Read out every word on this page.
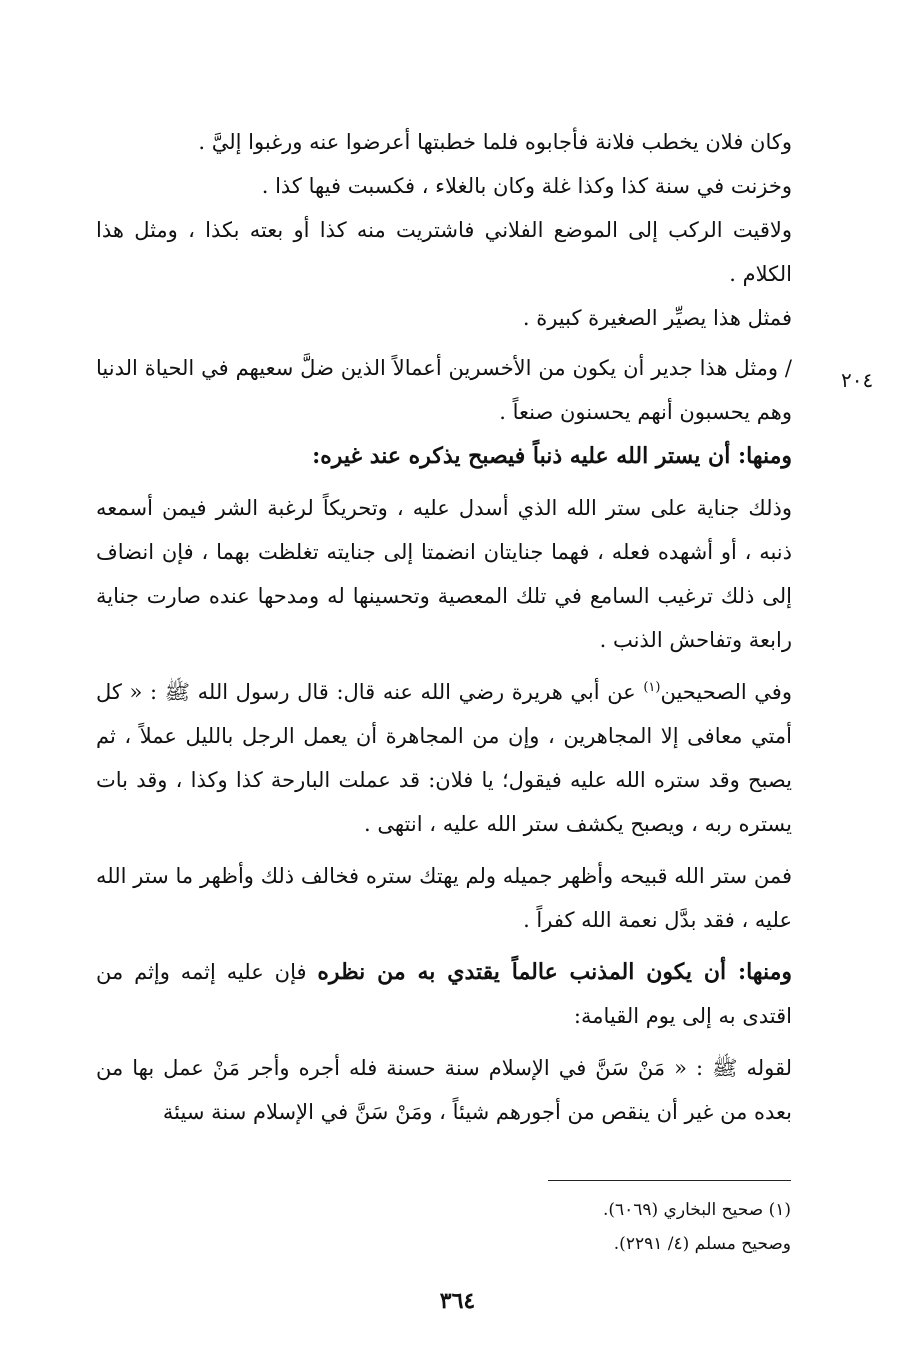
وكان فلان يخطب فلانة فأجابوه فلما خطبتها أعرضوا عنه ورغبوا إليَّ .

وخزنت في سنة كذا وكذا غلة وكان بالغلاء ، فكسبت فيها كذا .

ولاقيت الركب إلى الموضع الفلاني فاشتريت منه كذا أو بعته بكذا ، ومثل هذا الكلام .

فمثل هذا يصيِّر الصغيرة كبيرة .

/ ومثل هذا جدير أن يكون من الأخسرين أعمالاً الذين ضلَّ سعيهم في الحياة الدنيا وهم يحسبون أنهم يحسنون صنعاً .

ومنها: أن يستر الله عليه ذنباً فيصبح يذكره عند غيره:

وذلك جناية على ستر الله الذي أسدل عليه ، وتحريكاً لرغبة الشر فيمن أسمعه ذنبه ، أو أشهده فعله ، فهما جنايتان انضمتا إلى جنايته تغلظت بهما ، فإن انضاف إلى ذلك ترغيب السامع في تلك المعصية وتحسينها له ومدحها عنده صارت جناية رابعة وتفاحش الذنب .

وفي الصحيحين$^{(١)}$ عن أبي هريرة رضي الله عنه قال: قال رسول الله ﷺ : « كل أمتي معافى إلا المجاهرين ، وإن من المجاهرة أن يعمل الرجل بالليل عملاً ، ثم يصبح وقد ستره الله عليه فيقول؛ يا فلان: قد عملت البارحة كذا وكذا ، وقد بات يستره ربه ، ويصبح يكشف ستر الله عليه ، انتهى .

فمن ستر الله قبيحه وأظهر جميله ولم يهتك ستره فخالف ذلك وأظهر ما ستر الله عليه ، فقد بدَّل نعمة الله كفراً .

ومنها: أن يكون المذنب عالماً يقتدي به من نظره فإن عليه إثمه وإثم من اقتدى به إلى يوم القيامة:

لقوله ﷺ : « مَنْ سَنَّ في الإسلام سنة حسنة فله أجره وأجر مَنْ عمل بها من بعده من غير أن ينقص من أجورهم شيئاً ، ومَنْ سَنَّ في الإسلام سنة سيئة

٢٠٤

(١) صحيح البخاري (٦٠٦٩).

وصحيح مسلم (٤/ ٢٢٩١).

٣٦٤
